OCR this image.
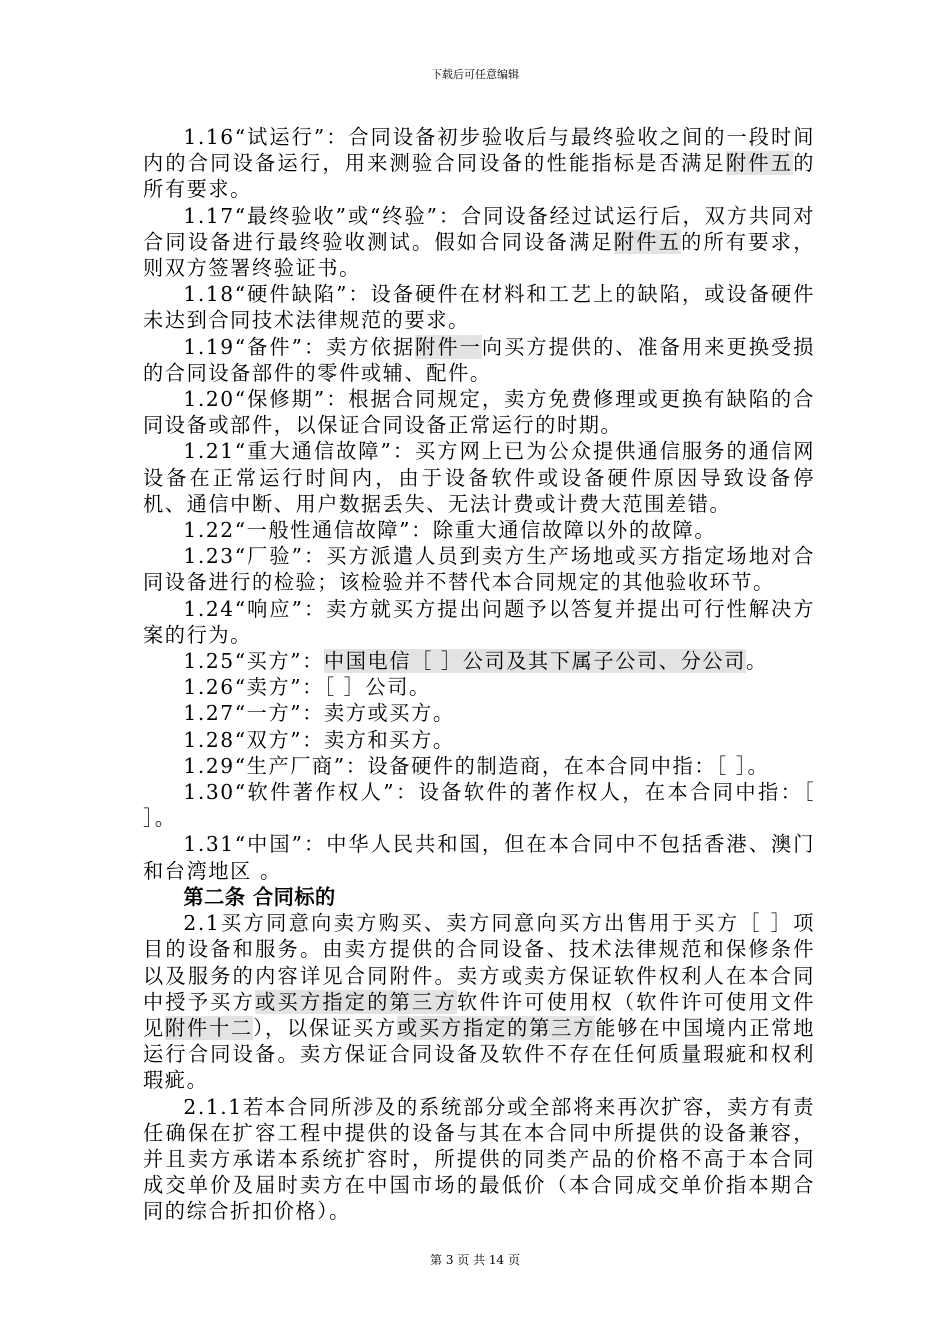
下载后可任意编辑

1.16“试运行”：合同设备初步验收后与最终验收之间的一段时间内的合同设备运行，用来测验合同设备的性能指标是否满足附件五的所有要求。

1.17“最终验收”或“终验”：合同设备经过试运行后，双方共同对合同设备进行最终验收测试。假如合同设备满足附件五的所有要求，则双方签署终验证书。

1.18“硬件缺陷”：设备硬件在材料和工艺上的缺陷，或设备硬件未达到合同技术法律规范的要求。

1.19“备件”：卖方依据附件一向买方提供的、准备用来更换受损的合同设备部件的零件或辅、配件。

1.20“保修期”：根据合同规定，卖方免费修理或更换有缺陷的合同设备或部件，以保证合同设备正常运行的时期。

1.21“重大通信故障”：买方网上已为公众提供通信服务的通信网设备在正常运行时间内，由于设备软件或设备硬件原因导致设备停机、通信中断、用户数据丢失、无法计费或计费大范围差错。

1.22“一般性通信故障”：除重大通信故障以外的故障。

1.23“厂验”：买方派遣人员到卖方生产场地或买方指定场地对合同设备进行的检验；该检验并不替代本合同规定的其他验收环节。

1.24“响应”：卖方就买方提出问题予以答复并提出可行性解决方案的行为。

1.25“买方”：中国电信［ ］公司及其下属子公司、分公司。

1.26“卖方”：［ ］公司。

1.27“一方”：卖方或买方。

1.28“双方”：卖方和买方。

1.29“生产厂商”：设备硬件的制造商，在本合同中指：［ ］。

1.30“软件著作权人”：设备软件的著作权人，在本合同中指：［ ］。

1.31“中国”：中华人民共和国，但在本合同中不包括香港、澳门和台湾地区 。

第二条 合同标的

2.1买方同意向卖方购买、卖方同意向买方出售用于买方［ ］项目的设备和服务。由卖方提供的合同设备、技术法律规范和保修条件以及服务的内容详见合同附件。卖方或卖方保证软件权利人在本合同中授予买方或买方指定的第三方软件许可使用权（软件许可使用文件见附件十二），以保证买方或买方指定的第三方能够在中国境内正常地运行合同设备。卖方保证合同设备及软件不存在任何质量瑕疵和权利瑕疵。

2.1.1若本合同所涉及的系统部分或全部将来再次扩容，卖方有责任确保在扩容工程中提供的设备与其在本合同中所提供的设备兼容，并且卖方承诺本系统扩容时，所提供的同类产品的价格不高于本合同成交单价及届时卖方在中国市场的最低价（本合同成交单价指本期合同的综合折扣价格）。

第 3 页 共 14 页
